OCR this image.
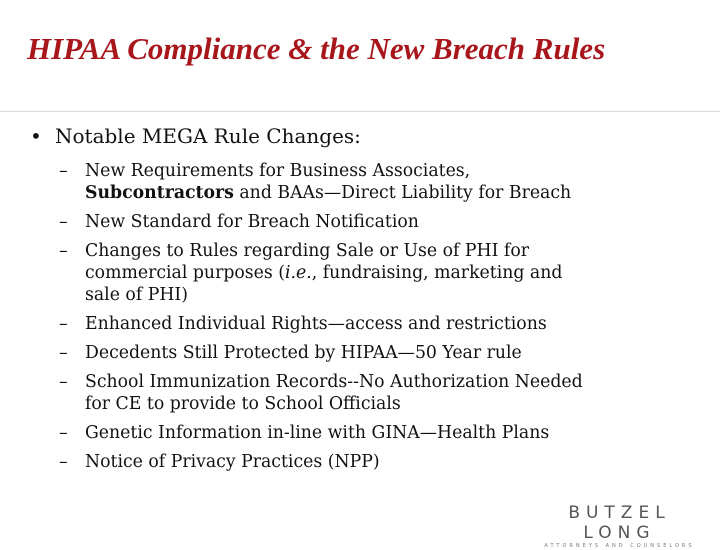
HIPAA Compliance & the New Breach Rules
• Notable MEGA Rule Changes:
– New Requirements for Business Associates,
Subcontractors and BAAs—Direct Liability for Breach
– New Standard for Breach Notification
– Changes to Rules regarding Sale or Use of PHI for
commercial purposes (i.e., fundraising, marketing and
sale of PHI)
– Enhanced Individual Rights—access and restrictions
– Decedents Still Protected by HIPAA—50 Year rule
– School Immunization Records--No Authorization Needed
for CE to provide to School Officials
– Genetic Information in-line with GINA—Health Plans
– Notice of Privacy Practices (NPP)
BUTZEL LONG
ATTORNEYS AND COUNSELORS
